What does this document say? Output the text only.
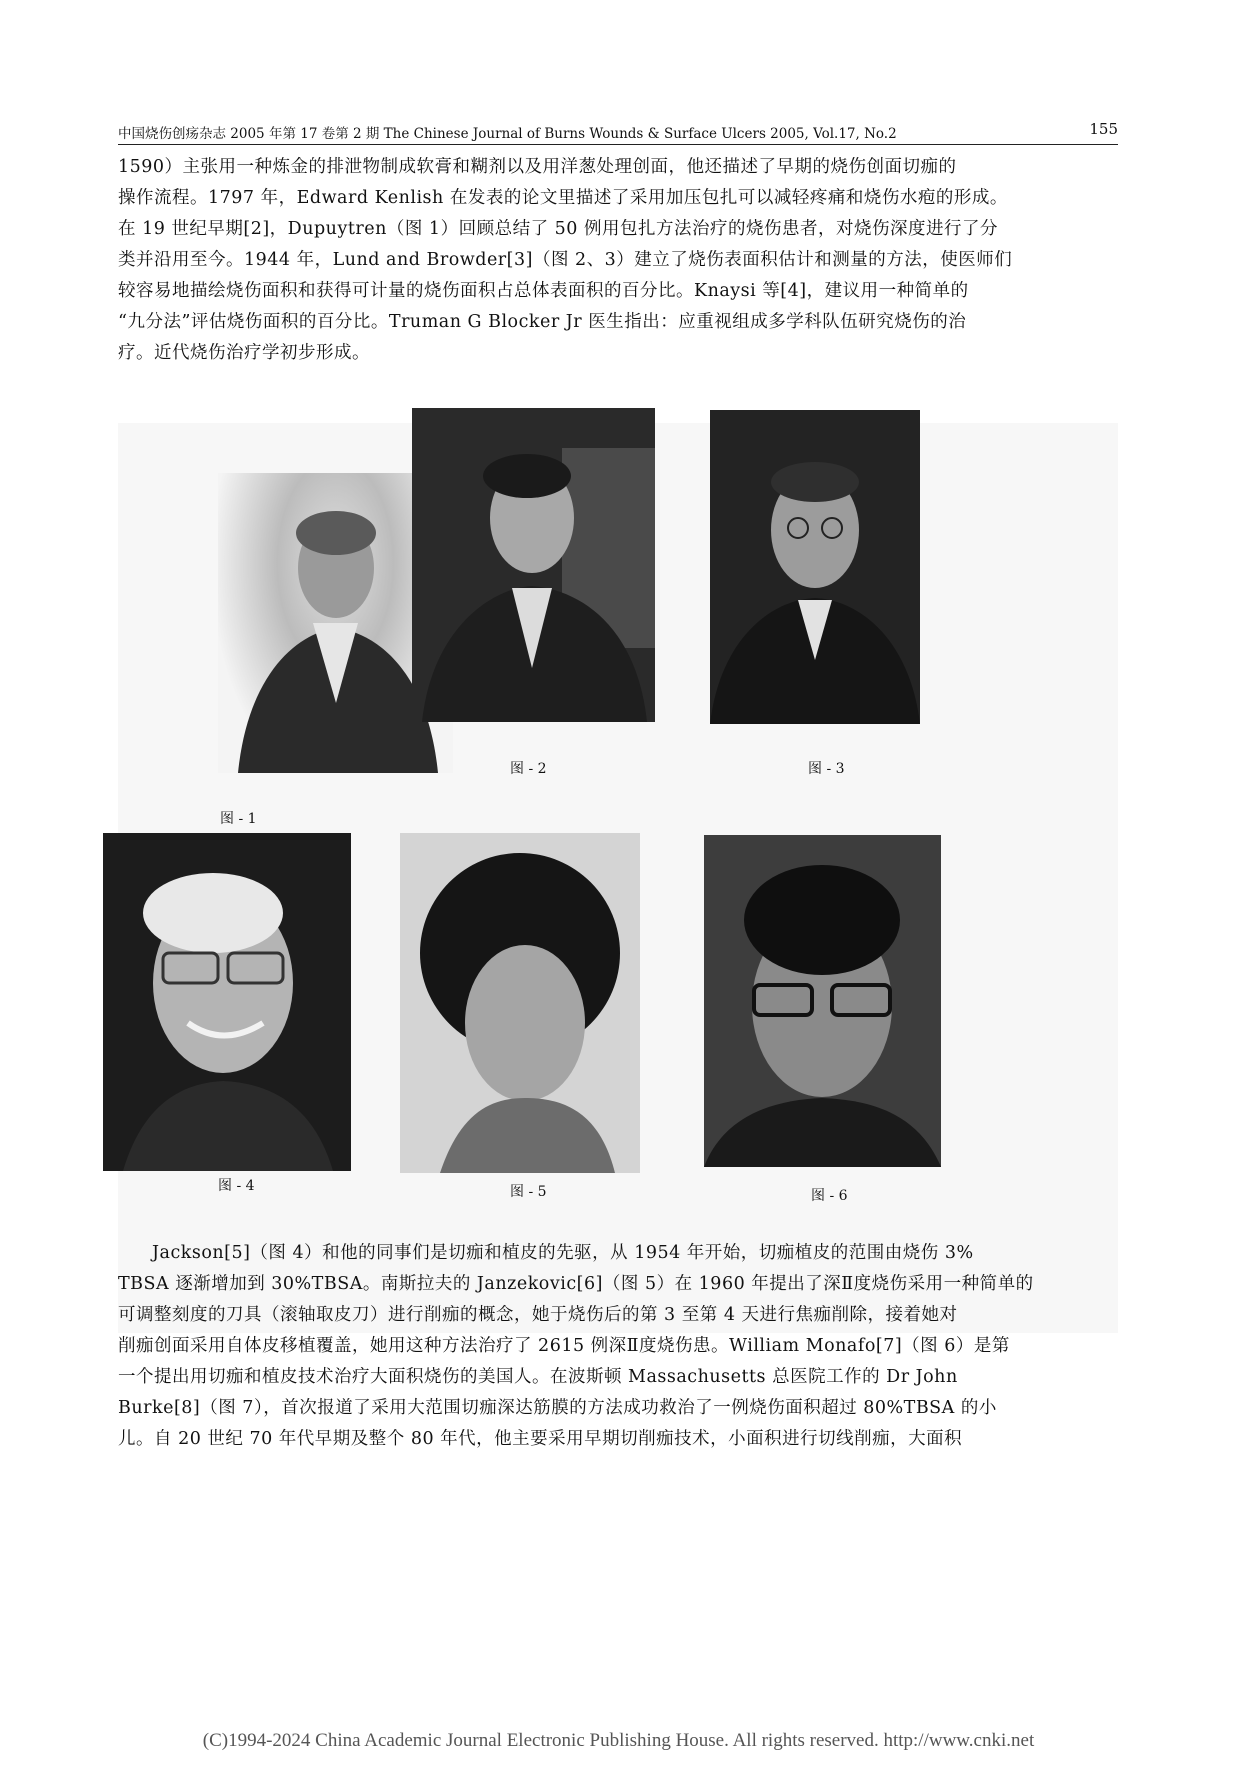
中国烧伤创疡杂志 2005 年第 17 卷第 2 期 The Chinese Journal of Burns Wounds & Surface Ulcers 2005, Vol.17, No.2	155
1590）主张用一种炼金的排泄物制成软膏和糊剂以及用洋葱处理创面，他还描述了早期的烧伤创面切痂的
操作流程。1797 年，Edward Kenlish 在发表的论文里描述了采用加压包扎可以减轻疼痛和烧伤水疱的形成。
在 19 世纪早期[2]，Dupuytren（图 1）回顾总结了 50 例用包扎方法治疗的烧伤患者，对烧伤深度进行了分
类并沿用至今。1944 年，Lund and Browder[3]（图 2、3）建立了烧伤表面积估计和测量的方法，使医师们
较容易地描绘烧伤面积和获得可计量的烧伤面积占总体表面积的百分比。Knaysi 等[4]，建议用一种简单的
“九分法”评估烧伤面积的百分比。Truman G Blocker Jr 医生指出：应重视组成多学科队伍研究烧伤的治
疗。近代烧伤治疗学初步形成。
图 - 1
图 - 2	图 - 3
图 - 4	图 - 5	图 - 6
Jackson[5]（图 4）和他的同事们是切痂和植皮的先驱，从 1954 年开始，切痂植皮的范围由烧伤 3%
TBSA 逐渐增加到 30%TBSA。南斯拉夫的 Janzekovic[6]（图 5）在 1960 年提出了深Ⅱ度烧伤采用一种简单的
可调整刻度的刀具（滚轴取皮刀）进行削痂的概念，她于烧伤后的第 3 至第 4 天进行焦痂削除，接着她对
削痂创面采用自体皮移植覆盖，她用这种方法治疗了 2615 例深Ⅱ度烧伤患。William Monafo[7]（图 6）是第
一个提出用切痂和植皮技术治疗大面积烧伤的美国人。在波斯顿 Massachusetts 总医院工作的 Dr John
Burke[8]（图 7），首次报道了采用大范围切痂深达筋膜的方法成功救治了一例烧伤面积超过 80%TBSA 的小
儿。自 20 世纪 70 年代早期及整个 80 年代，他主要采用早期切削痂技术，小面积进行切线削痂，大面积
(C)1994-2024 China Academic Journal Electronic Publishing House. All rights reserved. http://www.cnki.net
